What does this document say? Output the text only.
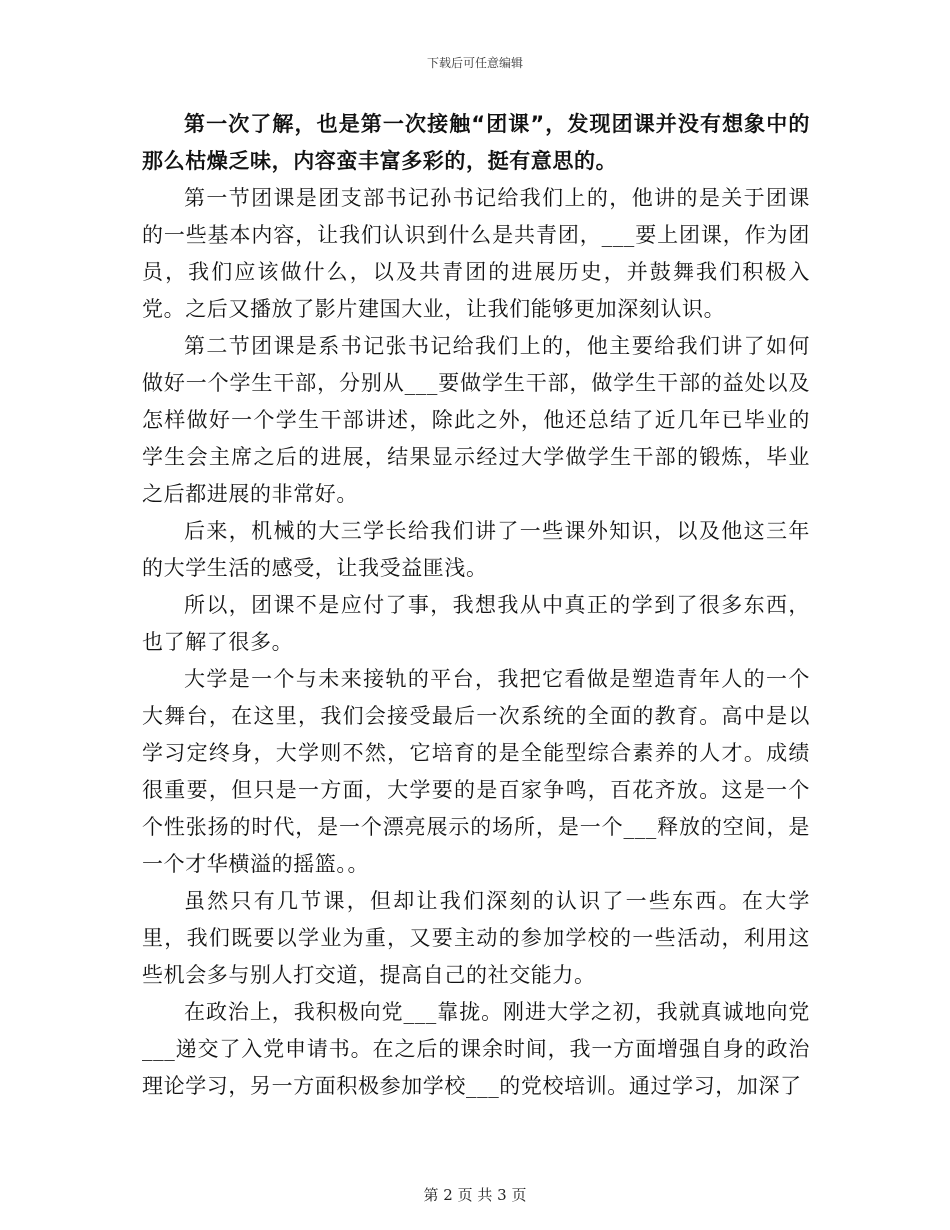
下载后可任意编辑

第一次了解，也是第一次接触“团课”，发现团课并没有想象中的那么枯燥乏味，内容蛮丰富多彩的，挺有意思的。

第一节团课是团支部书记孙书记给我们上的，他讲的是关于团课的一些基本内容，让我们认识到什么是共青团，___要上团课，作为团员，我们应该做什么，以及共青团的进展历史，并鼓舞我们积极入党。之后又播放了影片建国大业，让我们能够更加深刻认识。

第二节团课是系书记张书记给我们上的，他主要给我们讲了如何做好一个学生干部，分别从___要做学生干部，做学生干部的益处以及怎样做好一个学生干部讲述，除此之外，他还总结了近几年已毕业的学生会主席之后的进展，结果显示经过大学做学生干部的锻炼，毕业之后都进展的非常好。

后来，机械的大三学长给我们讲了一些课外知识，以及他这三年的大学生活的感受，让我受益匪浅。

所以，团课不是应付了事，我想我从中真正的学到了很多东西，也了解了很多。

大学是一个与未来接轨的平台，我把它看做是塑造青年人的一个大舞台，在这里，我们会接受最后一次系统的全面的教育。高中是以学习定终身，大学则不然，它培育的是全能型综合素养的人才。成绩很重要，但只是一方面，大学要的是百家争鸣，百花齐放。这是一个个性张扬的时代，是一个漂亮展示的场所，是一个___释放的空间，是一个才华横溢的摇篮。。

虽然只有几节课，但却让我们深刻的认识了一些东西。在大学里，我们既要以学业为重，又要主动的参加学校的一些活动，利用这些机会多与别人打交道，提高自己的社交能力。

在政治上，我积极向党___靠拢。刚进大学之初，我就真诚地向党___递交了入党申请书。在之后的课余时间，我一方面增强自身的政治理论学习，另一方面积极参加学校___的党校培训。通过学习，加深了

第 2 页 共 3 页
